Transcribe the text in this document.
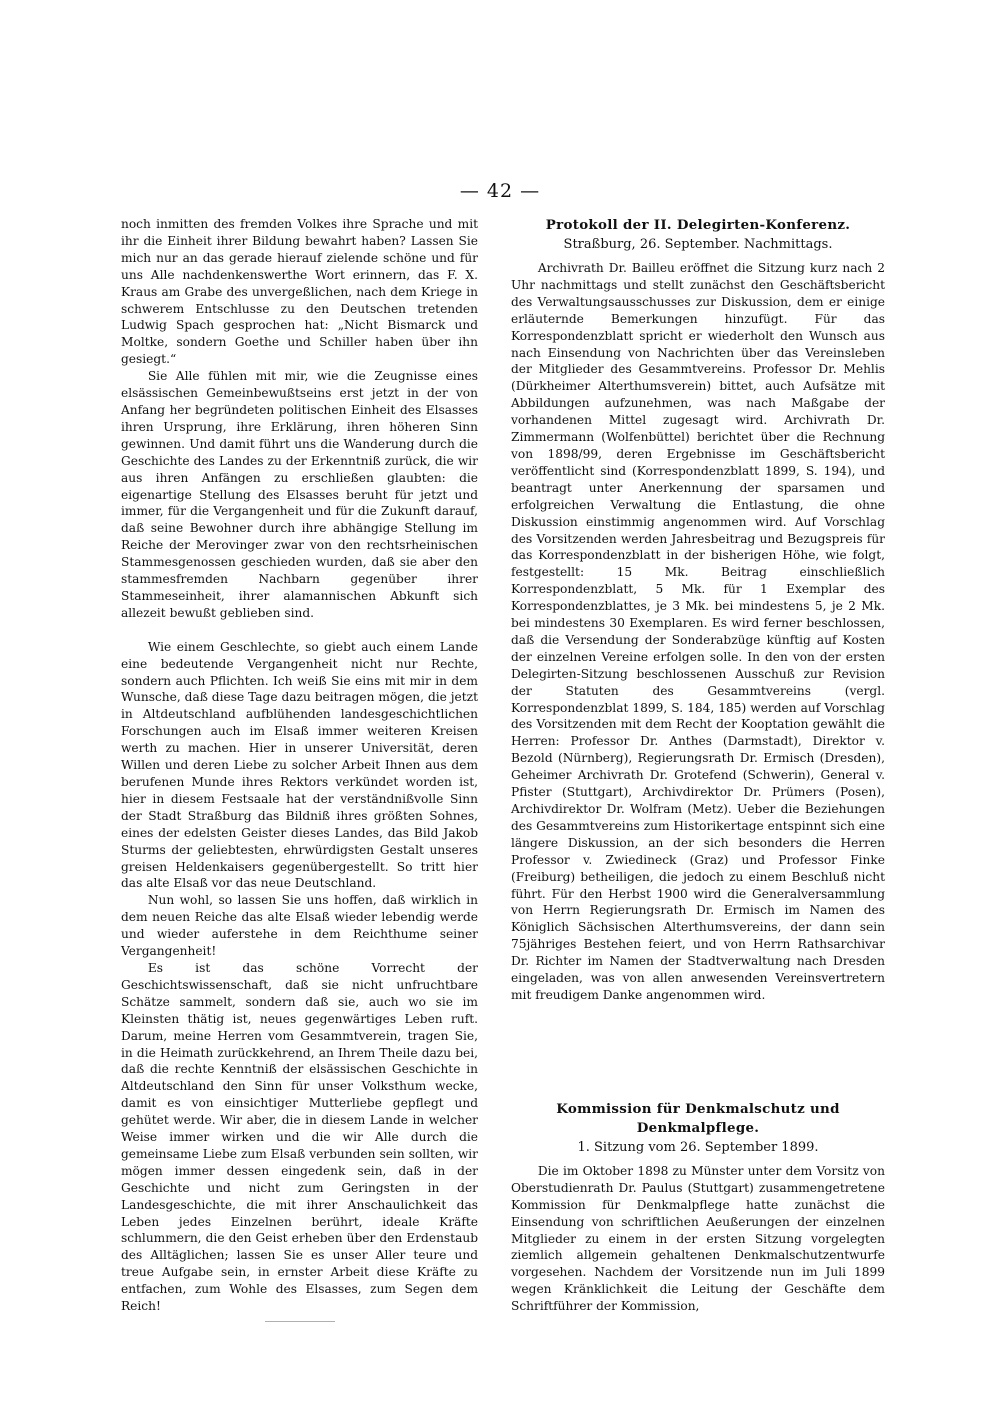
— 42 —

noch inmitten des fremden Volkes ihre Sprache und mit ihr die Einheit ihrer Bildung bewahrt haben? Lassen Sie mich nur an das gerade hierauf zielende schöne und für uns Alle nachdenkenswerthe Wort erinnern, das F. X. Kraus am Grabe des unvergeßlichen, nach dem Kriege in schwerem Entschlusse zu den Deutschen tretenden Ludwig Spach gesprochen hat: „Nicht Bismarck und Moltke, sondern Goethe und Schiller haben über ihn gesiegt.“

Sie Alle fühlen mit mir, wie die Zeugnisse eines elsässischen Gemeinbewußtseins erst jetzt in der von Anfang her begründeten politischen Einheit des Elsasses ihren Ursprung, ihre Erklärung, ihren höheren Sinn gewinnen. Und damit führt uns die Wanderung durch die Geschichte des Landes zu der Erkenntniß zurück, die wir aus ihren Anfängen zu erschließen glaubten: die eigenartige Stellung des Elsasses beruht für jetzt und immer, für die Vergangenheit und für die Zukunft darauf, daß seine Bewohner durch ihre abhängige Stellung im Reiche der Merovinger zwar von den rechtsrheinischen Stammesgenossen geschieden wurden, daß sie aber den stammesfremden Nachbarn gegenüber ihrer Stammeseinheit, ihrer alamannischen Abkunft sich allezeit bewußt geblieben sind.

Wie einem Geschlechte, so giebt auch einem Lande eine bedeutende Vergangenheit nicht nur Rechte, sondern auch Pflichten. Ich weiß Sie eins mit mir in dem Wunsche, daß diese Tage dazu beitragen mögen, die jetzt in Altdeutschland aufblühenden landesgeschichtlichen Forschungen auch im Elsaß immer weiteren Kreisen werth zu machen. Hier in unserer Universität, deren Willen und deren Liebe zu solcher Arbeit Ihnen aus dem berufenen Munde ihres Rektors verkündet worden ist, hier in diesem Festsaale hat der verständnißvolle Sinn der Stadt Straßburg das Bildniß ihres größten Sohnes, eines der edelsten Geister dieses Landes, das Bild Jakob Sturms der geliebtesten, ehrwürdigsten Gestalt unseres greisen Heldenkaisers gegenübergestellt. So tritt hier das alte Elsaß vor das neue Deutschland.

Nun wohl, so lassen Sie uns hoffen, daß wirklich in dem neuen Reiche das alte Elsaß wieder lebendig werde und wieder auferstehe in dem Reichthume seiner Vergangenheit!

Es ist das schöne Vorrecht der Geschichtswissenschaft, daß sie nicht unfruchtbare Schätze sammelt, sondern daß sie, auch wo sie im Kleinsten thätig ist, neues gegenwärtiges Leben ruft. Darum, meine Herren vom Gesammtverein, tragen Sie, in die Heimath zurückkehrend, an Ihrem Theile dazu bei, daß die rechte Kenntniß der elsässischen Geschichte in Altdeutschland den Sinn für unser Volksthum wecke, damit es von einsichtiger Mutterliebe gepflegt und gehütet werde. Wir aber, die in diesem Lande in welcher Weise immer wirken und die wir Alle durch die gemeinsame Liebe zum Elsaß verbunden sein sollten, wir mögen immer dessen eingedenk sein, daß in der Geschichte und nicht zum Geringsten in der Landesgeschichte, die mit ihrer Anschaulichkeit das Leben jedes Einzelnen berührt, ideale Kräfte schlummern, die den Geist erheben über den Erdenstaub des Alltäglichen; lassen Sie es unser Aller teure und treue Aufgabe sein, in ernster Arbeit diese Kräfte zu entfachen, zum Wohle des Elsasses, zum Segen dem Reich!

Protokoll der II. Delegirten-Konferenz.
Straßburg, 26. September. Nachmittags.

Archivrath Dr. Bailleu eröffnet die Sitzung kurz nach 2 Uhr nachmittags und stellt zunächst den Geschäftsbericht des Verwaltungsausschusses zur Diskussion, dem er einige erläuternde Bemerkungen hinzufügt. Für das Korrespondenzblatt spricht er wiederholt den Wunsch aus nach Einsendung von Nachrichten über das Vereinsleben der Mitglieder des Gesammtvereins. Professor Dr. Mehlis (Dürkheimer Alterthumsverein) bittet, auch Aufsätze mit Abbildungen aufzunehmen, was nach Maßgabe der vorhandenen Mittel zugesagt wird. Archivrath Dr. Zimmermann (Wolfenbüttel) berichtet über die Rechnung von 1898/99, deren Ergebnisse im Geschäftsbericht veröffentlicht sind (Korrespondenzblatt 1899, S. 194), und beantragt unter Anerkennung der sparsamen und erfolgreichen Verwaltung die Entlastung, die ohne Diskussion einstimmig angenommen wird. Auf Vorschlag des Vorsitzenden werden Jahresbeitrag und Bezugspreis für das Korrespondenzblatt in der bisherigen Höhe, wie folgt, festgestellt: 15 Mk. Beitrag einschließlich Korrespondenzblatt, 5 Mk. für 1 Exemplar des Korrespondenzblattes, je 3 Mk. bei mindestens 5, je 2 Mk. bei mindestens 30 Exemplaren. Es wird ferner beschlossen, daß die Versendung der Sonderabzüge künftig auf Kosten der einzelnen Vereine erfolgen solle. In den von der ersten Delegirten-Sitzung beschlossenen Ausschuß zur Revision der Statuten des Gesammtvereins (vergl. Korrespondenzblat 1899, S. 184, 185) werden auf Vorschlag des Vorsitzenden mit dem Recht der Kooptation gewählt die Herren: Professor Dr. Anthes (Darmstadt), Direktor v. Bezold (Nürnberg), Regierungsrath Dr. Ermisch (Dresden), Geheimer Archivrath Dr. Grotefend (Schwerin), General v. Pfister (Stuttgart), Archivdirektor Dr. Prümers (Posen), Archivdirektor Dr. Wolfram (Metz). Ueber die Beziehungen des Gesammtvereins zum Historikertage entspinnt sich eine längere Diskussion, an der sich besonders die Herren Professor v. Zwiedineck (Graz) und Professor Finke (Freiburg) betheiligen, die jedoch zu einem Beschluß nicht führt. Für den Herbst 1900 wird die Generalversammlung von Herrn Regierungsrath Dr. Ermisch im Namen des Königlich Sächsischen Alterthumsvereins, der dann sein 75jähriges Bestehen feiert, und von Herrn Rathsarchivar Dr. Richter im Namen der Stadtverwaltung nach Dresden eingeladen, was von allen anwesenden Vereinsvertretern mit freudigem Danke angenommen wird.

Kommission für Denkmalschutz und Denkmalpflege.
1. Sitzung vom 26. September 1899.

Die im Oktober 1898 zu Münster unter dem Vorsitz von Oberstudienrath Dr. Paulus (Stuttgart) zusammengetretene Kommission für Denkmalpflege hatte zunächst die Einsendung von schriftlichen Aeußerungen der einzelnen Mitglieder zu einem in der ersten Sitzung vorgelegten ziemlich allgemein gehaltenen Denkmalschutzentwurfe vorgesehen. Nachdem der Vorsitzende nun im Juli 1899 wegen Kränklichkeit die Leitung der Geschäfte dem Schriftführer der Kommission,
